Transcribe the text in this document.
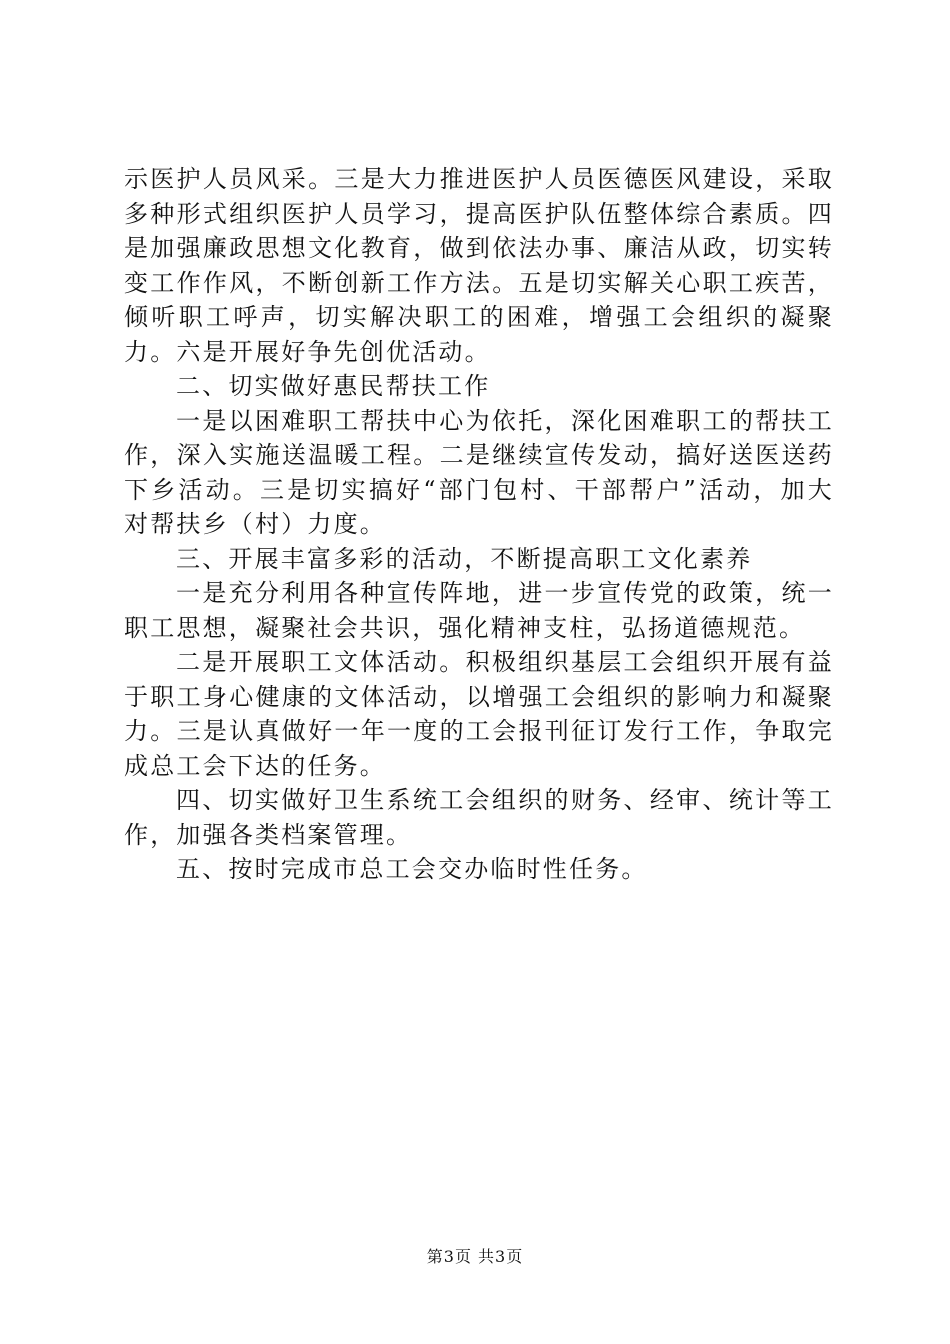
示医护人员风采。三是大力推进医护人员医德医风建设，采取多种形式组织医护人员学习，提高医护队伍整体综合素质。四是加强廉政思想文化教育，做到依法办事、廉洁从政，切实转变工作作风，不断创新工作方法。五是切实解关心职工疾苦，倾听职工呼声，切实解决职工的困难，增强工会组织的凝聚力。六是开展好争先创优活动。

二、切实做好惠民帮扶工作

一是以困难职工帮扶中心为依托，深化困难职工的帮扶工作，深入实施送温暖工程。二是继续宣传发动，搞好送医送药下乡活动。三是切实搞好“部门包村、干部帮户”活动，加大对帮扶乡（村）力度。

三、开展丰富多彩的活动，不断提高职工文化素养

一是充分利用各种宣传阵地，进一步宣传党的政策，统一职工思想，凝聚社会共识，强化精神支柱，弘扬道德规范。

二是开展职工文体活动。积极组织基层工会组织开展有益于职工身心健康的文体活动，以增强工会组织的影响力和凝聚力。三是认真做好一年一度的工会报刊征订发行工作，争取完成总工会下达的任务。

四、切实做好卫生系统工会组织的财务、经审、统计等工作，加强各类档案管理。

五、按时完成市总工会交办临时性任务。

第3页 共3页
